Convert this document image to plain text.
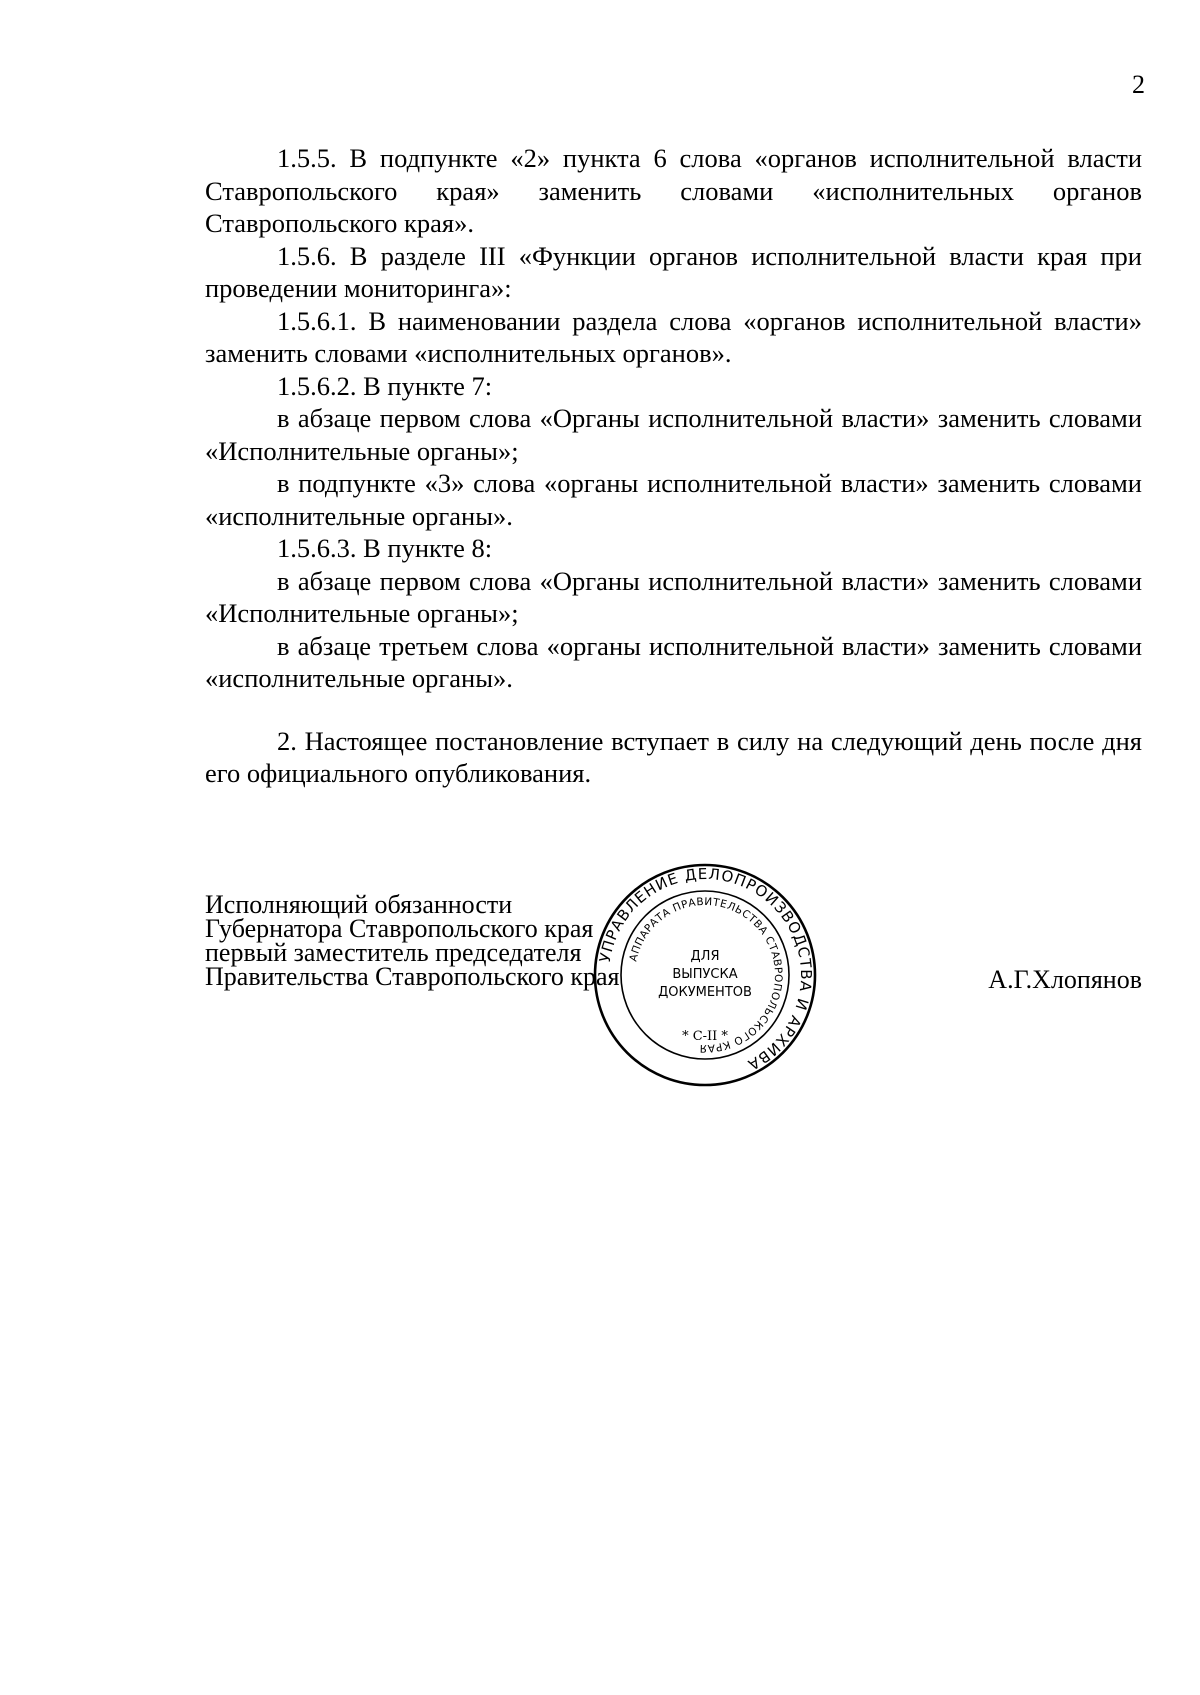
2

1.5.5. В подпункте «2» пункта 6 слова «органов исполнительной власти Ставропольского края» заменить словами «исполнительных органов Ставропольского края».

1.5.6. В разделе III «Функции органов исполнительной власти края при проведении мониторинга»:

1.5.6.1. В наименовании раздела слова «органов исполнительной власти» заменить словами «исполнительных органов».

1.5.6.2. В пункте 7:

в абзаце первом слова «Органы исполнительной власти» заменить словами «Исполнительные органы»;

в подпункте «3» слова «органы исполнительной власти» заменить словами «исполнительные органы».

1.5.6.3. В пункте 8:

в абзаце первом слова «Органы исполнительной власти» заменить словами «Исполнительные органы»;

в абзаце третьем слова «органы исполнительной власти» заменить словами «исполнительные органы».

2. Настоящее постановление вступает в силу на следующий день после дня его официального опубликования.

Исполняющий обязанности
Губернатора Ставропольского края
первый заместитель председателя
Правительства Ставропольского края	А.Г.Хлопянов
УПРАВЛЕНИЕ ДЕЛОПРОИЗВОДСТВА И АРХИВА
АППАРАТА ПРАВИТЕЛЬСТВА СТАВРОПОЛЬСКОГО КРАЯ
ДЛЯ
ВЫПУСКА
ДОКУМЕНТОВ
* С-II *
